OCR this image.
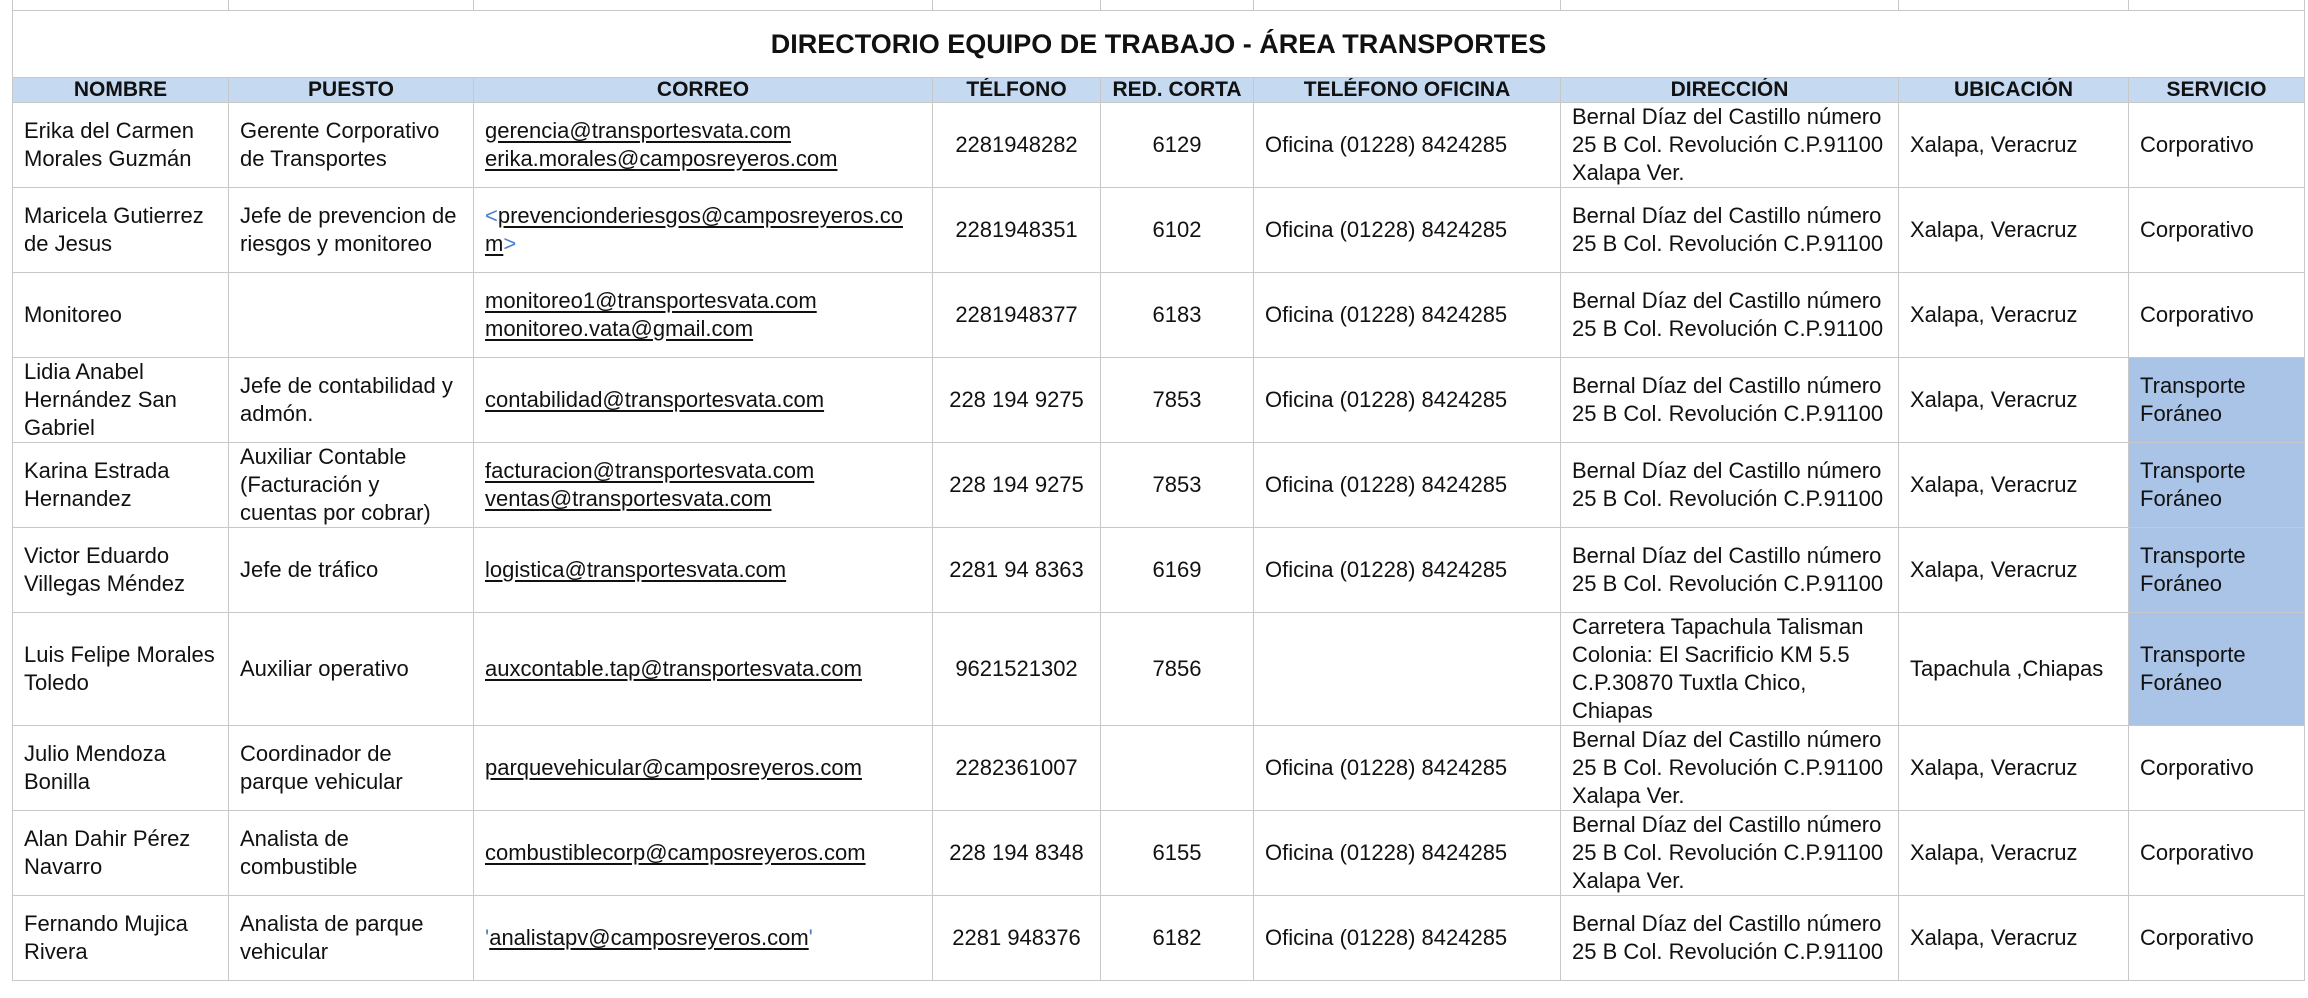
DIRECTORIO EQUIPO DE TRABAJO - ÁREA TRANSPORTES								
NOMBRE	PUESTO	CORREO	TÉLFONO	RED. CORTA	TELÉFONO OFICINA	DIRECCIÓN	UBICACIÓN	SERVICIO
Erika del Carmen Morales Guzmán	Gerente Corporativo de Transportes	gerencia@transportesvata.com erika.morales@camposreyeros.com	2281948282	6129	Oficina (01228) 8424285	Bernal Díaz del Castillo número 25 B Col. Revolución C.P.91100 Xalapa Ver.	Xalapa, Veracruz	Corporativo
Maricela Gutierrez de Jesus	Jefe de prevencion de riesgos y monitoreo	<prevencionderiesgos@camposreyeros.com>	2281948351	6102	Oficina (01228) 8424285	Bernal Díaz del Castillo número 25 B Col. Revolución C.P.91100	Xalapa, Veracruz	Corporativo
Monitoreo		monitoreo1@transportesvata.com monitoreo.vata@gmail.com	2281948377	6183	Oficina (01228) 8424285	Bernal Díaz del Castillo número 25 B Col. Revolución C.P.91100	Xalapa, Veracruz	Corporativo
Lidia Anabel Hernández San Gabriel	Jefe de contabilidad y admón.	contabilidad@transportesvata.com	228 194 9275	7853	Oficina (01228) 8424285	Bernal Díaz del Castillo número 25 B Col. Revolución C.P.91100	Xalapa, Veracruz	Transporte Foráneo
Karina Estrada Hernandez	Auxiliar Contable (Facturación y cuentas por cobrar)	facturacion@transportesvata.com ventas@transportesvata.com	228 194 9275	7853	Oficina (01228) 8424285	Bernal Díaz del Castillo número 25 B Col. Revolución C.P.91100	Xalapa, Veracruz	Transporte Foráneo
Victor Eduardo Villegas Méndez	Jefe de tráfico	logistica@transportesvata.com	2281 94 8363	6169	Oficina (01228) 8424285	Bernal Díaz del Castillo número 25 B Col. Revolución C.P.91100	Xalapa, Veracruz	Transporte Foráneo
Luis Felipe Morales Toledo	Auxiliar operativo	auxcontable.tap@transportesvata.com	9621521302	7856		Carretera Tapachula Talisman Colonia: El Sacrificio KM 5.5 C.P.30870 Tuxtla Chico, Chiapas	Tapachula ,Chiapas	Transporte Foráneo
Julio Mendoza Bonilla	Coordinador de parque vehicular	parquevehicular@camposreyeros.com	2282361007		Oficina (01228) 8424285	Bernal Díaz del Castillo número 25 B Col. Revolución C.P.91100 Xalapa Ver.	Xalapa, Veracruz	Corporativo
Alan Dahir Pérez Navarro	Analista de combustible	combustiblecorp@camposreyeros.com	228 194 8348	6155	Oficina (01228) 8424285	Bernal Díaz del Castillo número 25 B Col. Revolución C.P.91100 Xalapa Ver.	Xalapa, Veracruz	Corporativo
Fernando Mujica Rivera	Analista de parque vehicular	'analistapv@camposreyeros.com'	2281 948376	6182	Oficina (01228) 8424285	Bernal Díaz del Castillo número 25 B Col. Revolución C.P.91100	Xalapa, Veracruz	Corporativo
